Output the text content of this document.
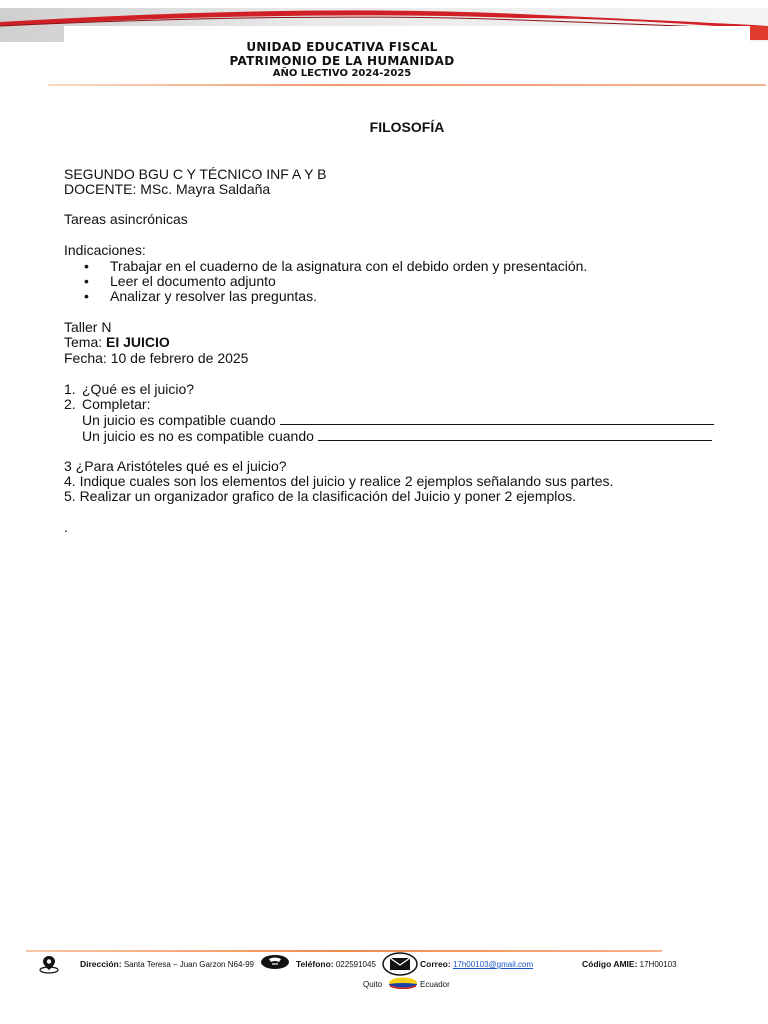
UNIDAD EDUCATIVA FISCAL
PATRIMONIO DE LA HUMANIDAD
AÑO LECTIVO 2024-2025
FILOSOFÍA
SEGUNDO BGU C Y TÉCNICO INF A Y B
DOCENTE: MSc. Mayra Saldaña
Tareas asincrónicas
Indicaciones:
• Trabajar en el cuaderno de la asignatura con el debido orden y presentación.
• Leer el documento adjunto
• Analizar y resolver las preguntas.
Taller N
Tema: EI JUICIO
Fecha: 10 de febrero de 2025
1. ¿Qué es el juicio?
2. Completar:
Un juicio es compatible cuando
Un juicio es no es compatible cuando
3 ¿Para Aristóteles qué es el juicio?
4. Indique cuales son los elementos del juicio y realice 2 ejemplos señalando sus partes.
5. Realizar un organizador grafico de la clasificación del Juicio y poner 2 ejemplos.
.
Dirección: Santa Teresa – Juan Garzon N64-99	Teléfono: 022591045	Correo: 17h00103@gmail.com	Código AMIE: 17H00103
Quito	Ecuador
